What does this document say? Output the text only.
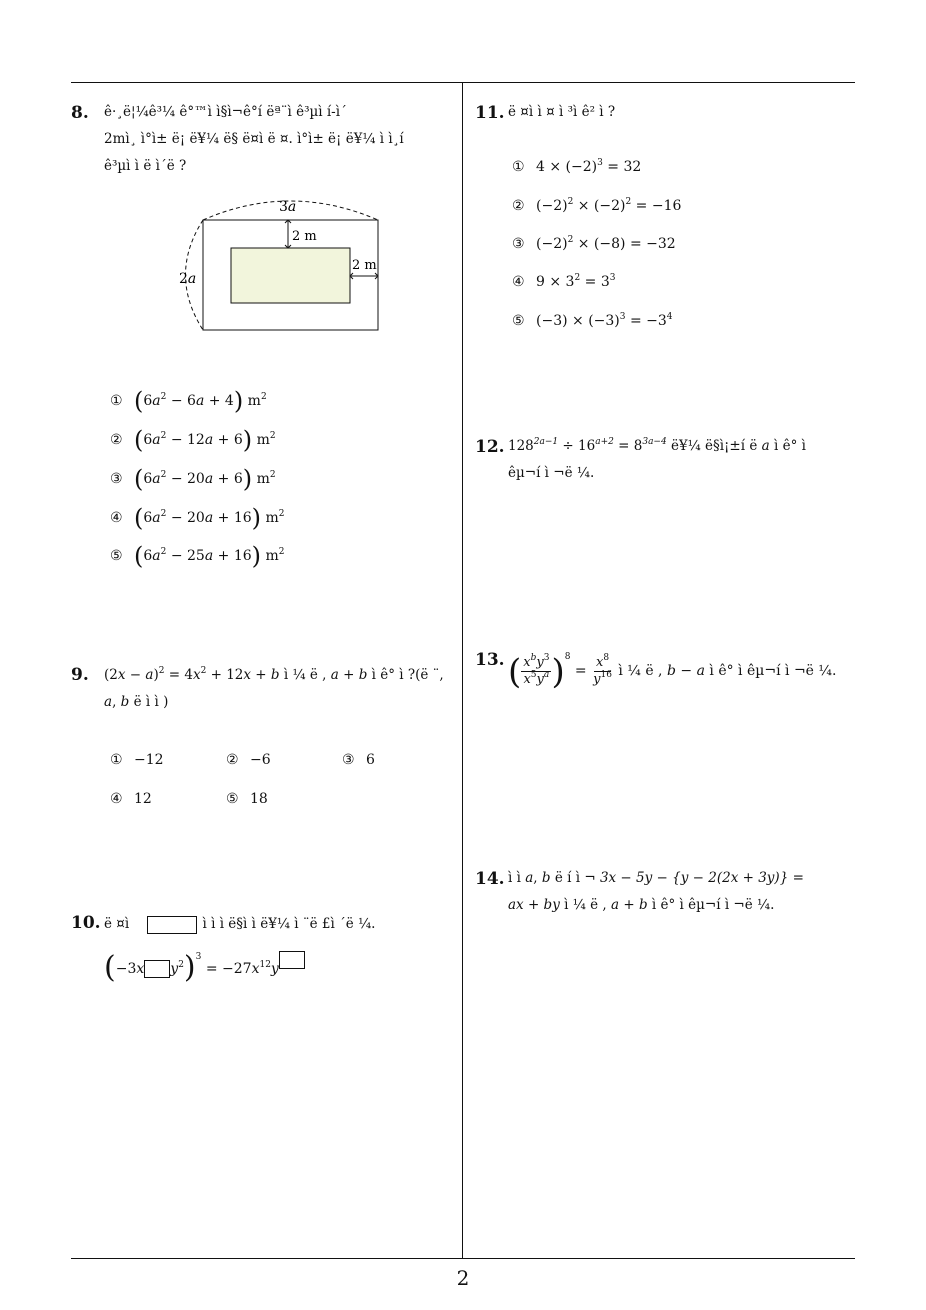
8. ê·¸ë¦¼ê³¼ ê°™ì ì§ì¬ê°í ëª¨ì ê³µì í-ì´
2mì¸ ì°ì± ë¡ ë¥¼ ë§ ë¤ì ë ¤. ì°ì± ë¡ ë¥¼ ì ì¸í
ê³µì ì ë ì´ë ?
3a
2a
2 m
2 m
① $(6a^2 - 6a + 4)$ $m^2$
② $(6a^2 - 12a + 6)$ $m^2$
③ $(6a^2 - 20a + 6)$ $m^2$
④ $(6a^2 - 20a + 16)$ $m^2$
⑤ $(6a^2 - 25a + 16)$ $m^2$
9. $(2x - a)^2 = 4x^2 + 12x + b$ ì ¼ ë , a + b ì ê° ì ?(ë ¨,
a, b ë ì ì )
① −12	② −6	③ 6
④ 12	⑤ 18
10. ë ¤ì	ì ì ì ë§ì ì ë¥¼ ì ¨ë £ì ´ë ¼.
(−3x $y^2)^3 = -27x^{12}y$
11. ë ¤ì ì ¤ ì ³ì ê² ì ?
① $4 \times (-2)^3 = 32$
② $(-2)^2 \times (-2)^2 = -16$
③ $(-2)^2 \times (-8) = -32$
④ $9 \times 3^2 = 3^3$
⑤ $(-3) \times (-3)^3 = -3^4$
12. $128^{2a-1} \div 16^{a+2} = 8^{3a-4}$ ë¥¼ ë§ì¡±í ë a ì ê° ì
êµ¬í ì ¬ë ¼.
13. ( $\frac{x^by^3}{x^5y^a} )^8 = \frac{x^8}{y^{16}}$ ì ¼ ë , b − a ì ê° ì êµ¬í ì ¬ë ¼.
14. ì ì a, b ë í ì ¬ 3x − 5y − {y − 2(2x + 3y)} =
ax + by ì ¼ ë , a + b ì ê° ì êµ¬í ì ¬ë ¼.
2
